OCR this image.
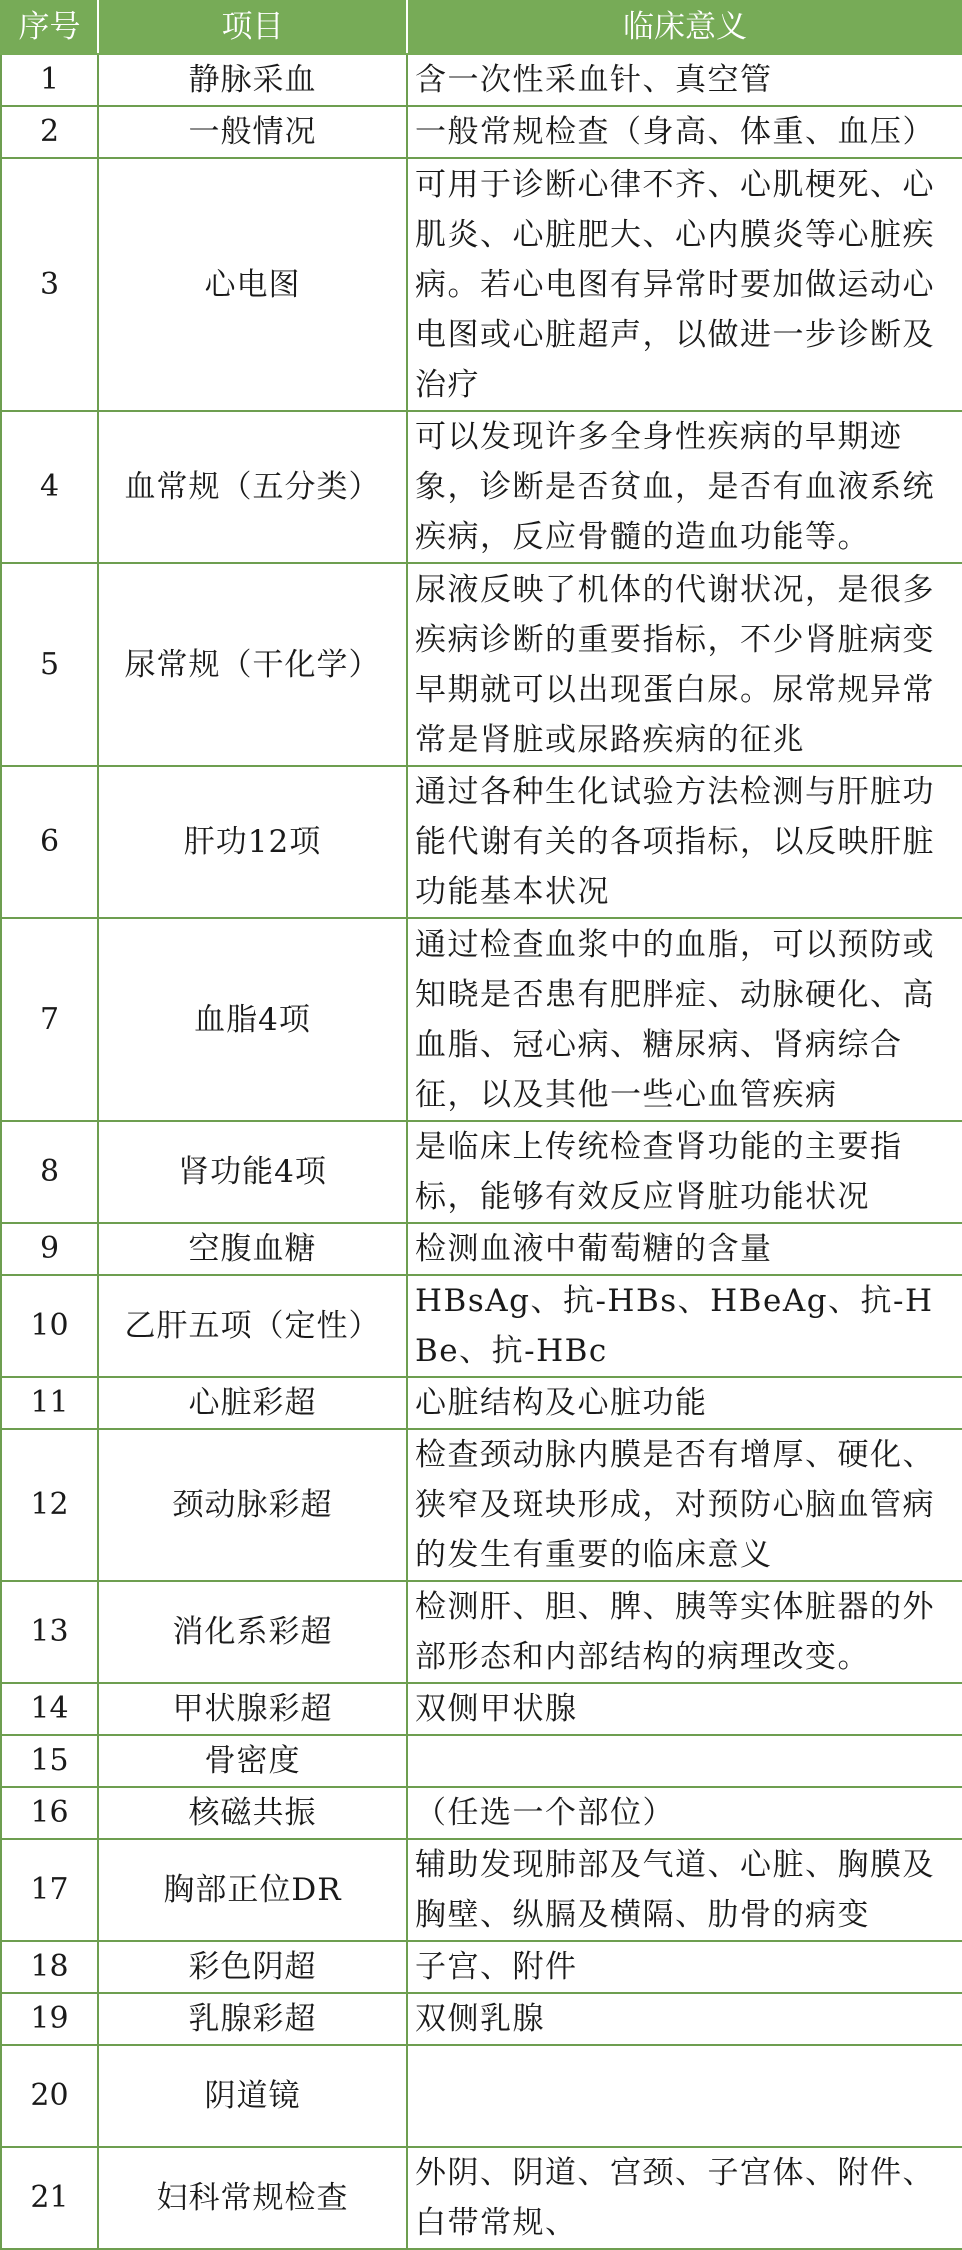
序号	项目	临床意义
1	静脉采血	含一次性采血针、真空管
2	一般情况	一般常规检查（身高、体重、血压）
3	心电图	可用于诊断心律不齐、心肌梗死、心肌炎、心脏肥大、心内膜炎等心脏疾病。若心电图有异常时要加做运动心电图或心脏超声，以做进一步诊断及治疗
4	血常规（五分类）	可以发现许多全身性疾病的早期迹象，诊断是否贫血，是否有血液系统疾病，反应骨髓的造血功能等。
5	尿常规（干化学）	尿液反映了机体的代谢状况，是很多疾病诊断的重要指标，不少肾脏病变早期就可以出现蛋白尿。尿常规异常常是肾脏或尿路疾病的征兆
6	肝功12项	通过各种生化试验方法检测与肝脏功能代谢有关的各项指标，以反映肝脏功能基本状况
7	血脂4项	通过检查血浆中的血脂，可以预防或知晓是否患有肥胖症、动脉硬化、高血脂、冠心病、糖尿病、肾病综合征，以及其他一些心血管疾病
8	肾功能4项	是临床上传统检查肾功能的主要指标，能够有效反应肾脏功能状况
9	空腹血糖	检测血液中葡萄糖的含量
10	乙肝五项（定性）	HBsAg、抗-HBs、HBeAg、抗-HBe、抗-HBc
11	心脏彩超	心脏结构及心脏功能
12	颈动脉彩超	检查颈动脉内膜是否有增厚、硬化、狭窄及斑块形成，对预防心脑血管病的发生有重要的临床意义
13	消化系彩超	检测肝、胆、脾、胰等实体脏器的外部形态和内部结构的病理改变。
14	甲状腺彩超	双侧甲状腺
15	骨密度	
16	核磁共振	（任选一个部位）
17	胸部正位DR	辅助发现肺部及气道、心脏、胸膜及胸壁、纵膈及横隔、肋骨的病变
18	彩色阴超	子宫、附件
19	乳腺彩超	双侧乳腺
20	阴道镜	
21	妇科常规检查	外阴、阴道、宫颈、子宫体、附件、白带常规、
